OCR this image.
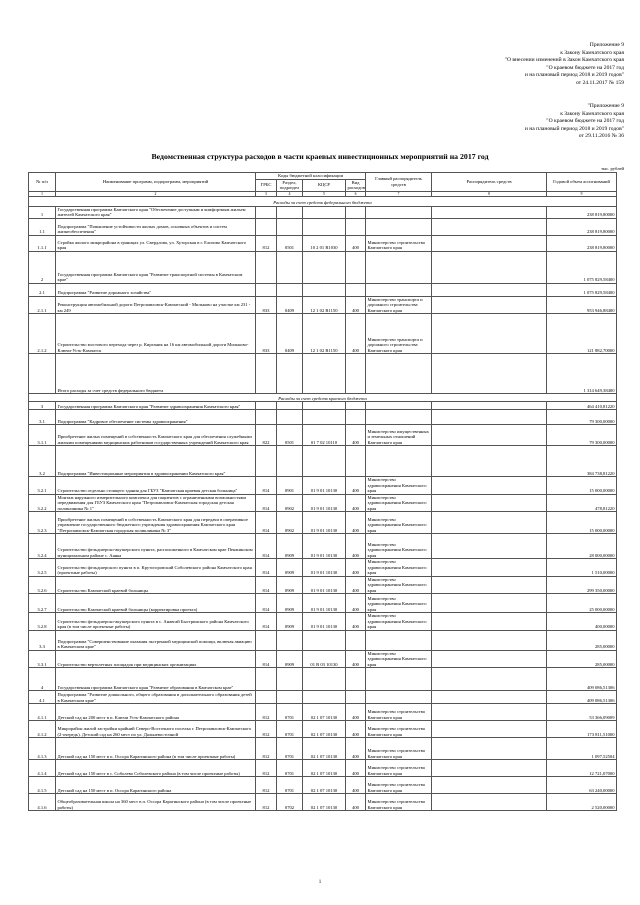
Приложение 9
к Закону Камчатского края
"О внесении изменений в Закон Камчатского края
"О краевом бюджете на 2017 год
и на плановый период 2018 и 2019 годов"
от 24.11.2017 № 159
"Приложение 9
к Закону Камчатского края
"О краевом бюджете на 2017 год
и на плановый период 2018 и 2019 годов"
от 29.11.2016 № 36
Ведомственная структура расходов в части краевых инвестиционных мероприятий на 2017 год
тыс. рублей
№ п/п	Наименование программ, подпрограмм, мероприятий	Коды бюджетной классификации				Главный распорядитель средств	Распорядитель средств	Годовой объем ассигнований
		ГРБС	Раздел, подраздел	КЦСР	Вид расходов			
1	2	3	4	5	6	7	8	9
Расходы за счет средств федерального бюджета								
1	Государственная программа Камчатского края "Обеспечение доступным и комфортным жильем жителей Камчатского края"							238 819,80000
1.1	Подпрограмма "Повышение устойчивости жилых домов, основных объектов и систем жизнеобеспечения"							238 819,80000
1.1.1	Стройка жилого микрорайона в границах ул. Свердлова, ул. Хуторская в г. Елизово Камчатского края	812	0501	10 2 01 R1030	400	Министерство строительства Камчатского края		238 819,80000
2	Государственная программа Камчатского края "Развитие транспортной системы в Камчатском крае"							1 075 829,58400
2.1	Подпрограмма "Развитие дорожного хозяйства"							1 075 829,58400
2.1.1	Реконструкция автомобильной дороги Петропавловск-Камчатский - Мильково на участке км 231 - км 249	833	0409	12 1 02 R1150	400	Министерство транспорта и дорожного строительства Камчатского края		953 946,88400
2.1.2	Строительство мостового перехода через р. Кирганик на 16 км автомобильной дороги Мильково-Ключи-Усть-Камчатск	833	0409	12 1 02 R1150	400	Министерство транспорта и дорожного строительства Камчатского края		121 882,70000
	Итого расходы за счет средств федерального бюджета							1 314 649,38400
Расходы за счет средств краевого бюджета								
3	Государственная программа Камчатского края "Развитие здравоохранения Камчатского края"							464 410,81220
3.1	Подпрограмма "Кадровое обеспечение системы здравоохранения"							79 300,00000
3.1.1	Приобретение жилых помещений в собственность Камчатского края для обеспечения служебными жилыми помещениями медицинских работников государственных учреждений Камчатского края	822	0501	01 7 02 10110	400	Министерство имущественных и земельных отношений Камчатского края		79 300,00000
3.2	Подпрограмма "Инвестиционные мероприятия в здравоохранении Камчатского края"							384 738,81220
3.2.1	Строительство отдельно стоящего здания для ГБУЗ "Камчатская краевая детская больница"	814	0901	01 9 01 10130	400	Министерство здравоохранения Камчатского края		15 000,00000
3.2.2	Монтаж наружного измерительного комплекса для пациентов с ограниченными возможностями передвижения для ГБУЗ Камчатского края "Петропавловск-Камчатская городская детская поликлиника № 1"	814	0902	01 9 01 10130	400	Министерство здравоохранения Камчатского края		478,81220
3.2.3	Приобретение жилых помещений в собственность Камчатского края для передачи в оперативное управление государственного бюджетного учреждения здравоохранения Камчатского края "Петропавловск-Камчатская городская поликлиника № 3"	814	0902	01 9 01 10130	400	Министерство здравоохранения Камчатского края		15 000,00000
3.2.4	Строительство фельдшерско-акушерского пункта, расположенного в Камчатском крае Пенжинском муниципальном районе с. Аянка	814	0909	01 9 01 10130	400	Министерство здравоохранения Камчатского края		28 000,00000
3.2.5	Строительство фельдшерского пункта в п. Крутогоровский Соболевского района Камчатского края (проектные работы)	814	0909	01 9 01 10130	400	Министерство здравоохранения Камчатского края		1 510,00000
3.2.6	Строительство Камчатской краевой больницы	814	0909	01 9 01 10130	400	Министерство здравоохранения Камчатского края		299 350,00000
3.2.7	Строительство Камчатской краевой больницы (корректировка проекта)	814	0909	01 9 01 10130	400	Министерство здравоохранения Камчатского края		25 000,00000
3.2.8	Строительство фельдшерско-акушерского пункта в с. Анавгай Быстринского района Камчатского края (в том числе проектные работы)	814	0909	01 9 01 10130	400	Министерство здравоохранения Камчатского края		400,00000
3.3	Подпрограмма "Совершенствование оказания экстренной медицинской помощи, включая авиацию в Камчатском крае"							285,00000
3.3.1	Строительство вертолетных площадок при медицинских организациях	814	0909	01 В 03 10130	400	Министерство здравоохранения Камчатского края		285,00000
4	Государственная программа Камчатского края "Развитие образования в Камчатском крае"							409 086,51306
4.1	Подпрограмма "Развитие дошкольного, общего образования и дополнительного образования детей в Камчатском крае"							409 086,51306
4.1.1	Детский сад на 200 мест в п. Ключи Усть-Камчатского района	812	0701	02 1 07 10130	400	Министерство строительства Камчатского края		53 366,09009
4.1.2	Микрорайон жилой застройки крайний Северо-Восточного поселка г. Петропавловск-Камчатского (2-очередь). Детский сад на 260 мест по ул. Дальневосточной	812	0701	02 1 07 10130	400	Министерство строительства Камчатского края		173 811,51000
4.1.3	Детский сад на 150 мест в п. Оссора Карагинского района (в том числе проектные работы)	812	0701	02 1 07 10130	400	Министерство строительства Камчатского края		1 097,52504
4.1.4	Детский сад на 150 мест в с. Соболево Соболевского района (в том числе проектные работы)	812	0701	02 1 07 10130	400	Министерство строительства Камчатского края		12 721,07000
4.1.5	Детский сад на 150 мест в п. Оссора Карагинского района	812	0701	02 1 07 10130	400	Министерство строительства Камчатского края		63 240,00000
4.1.6	Общеобразовательная школа на 360 мест в п. Оссора Карагинского района (в том числе проектные работы)	812	0702	02 1 07 10130	400	Министерство строительства Камчатского края		2 520,00000
1
